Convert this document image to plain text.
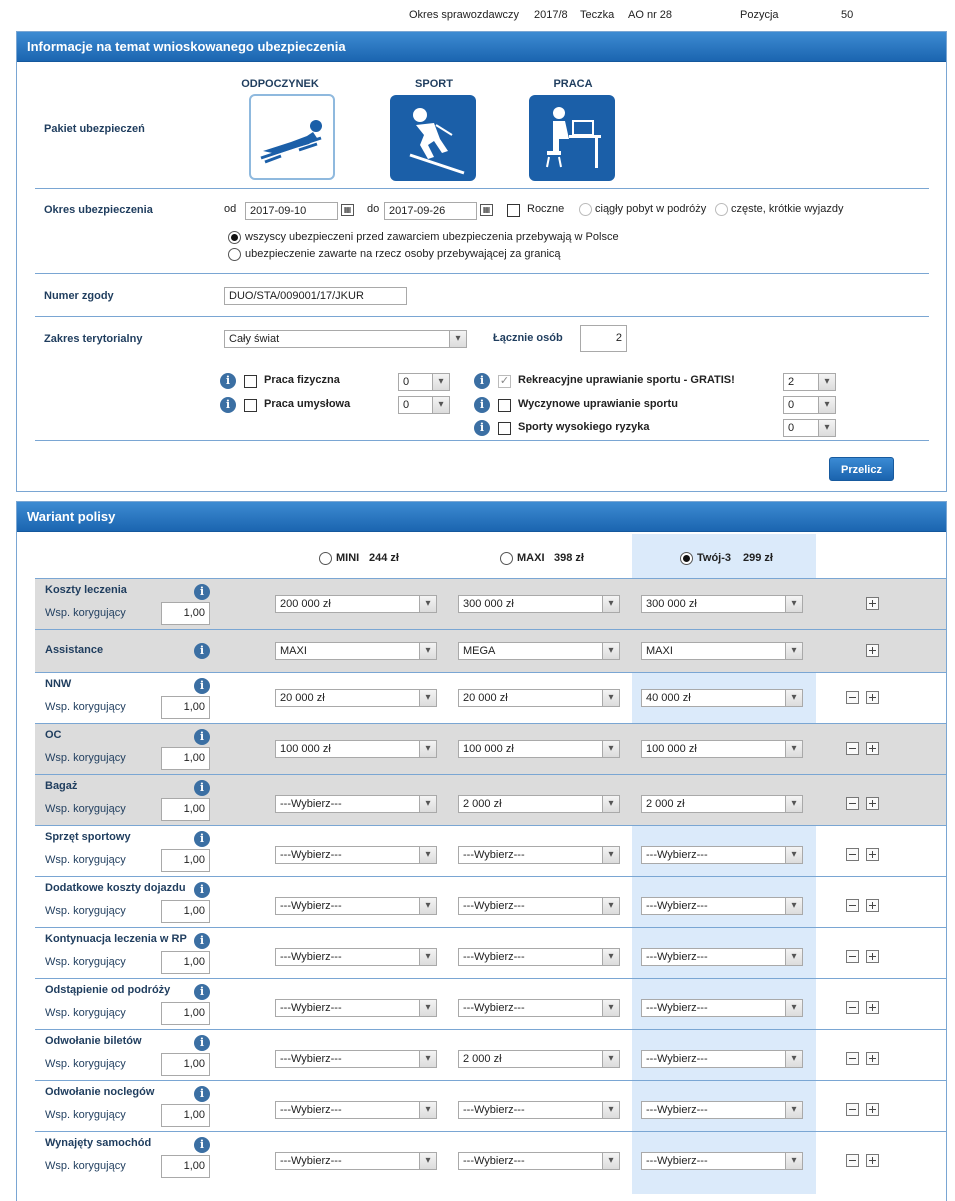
Okres sprawozdawczy 2017/8 Teczka AO nr 28	Pozycja	50
Informacje na temat wnioskowanego ubezpieczenia
Pakiet ubezpieczeń
ODPOCZYNEK	SPORT	PRACA
Okres ubezpieczenia	od	2017-09-10	▦ do 2017-09-26	▦	Roczne	ciągły pobyt w podróży częste, krótkie wyjazdy
wszyscy ubezpieczeni przed zawarciem ubezpieczenia przebywają w Polsce
ubezpieczenie zawarte na rzecz osoby przebywającej za granicą
Numer zgody	DUO/STA/009001/17/JKUR
Zakres terytorialny	Cały świat	▾	Łącznie osób	2
i	Praca fizyczna	0	▾
i	Praca umysłowa	0	▾
i	✓ Rekreacyjne uprawianie sportu - GRATIS!	2	▾
i	Wyczynowe uprawianie sportu	0	▾
i	Sporty wysokiego ryzyka	0	▾
Przelicz
Wariant polisy
MINI 244 zł	MAXI 398 zł	Twój-3 299 zł
Koszty leczenia	i
Wsp. korygujący	1,00
200 000 zł	▾	300 000 zł	▾	300 000 zł	▾
Assistance	i	MAXI	▾	MEGA	▾	MAXI	▾
NNW	i
Wsp. korygujący	1,00
20 000 zł	▾	20 000 zł	▾	40 000 zł	▾
OC	i
Wsp. korygujący	1,00
100 000 zł	▾	100 000 zł	▾	100 000 zł	▾
Bagaż	i
Wsp. korygujący	1,00	---Wybierz---	▾	2 000 zł	▾	2 000 zł	▾
Sprzęt sportowy	i
Wsp. korygujący	1,00	---Wybierz---	▾	---Wybierz---	▾	---Wybierz---	▾
Dodatkowe koszty dojazdu	i
Wsp. korygujący	1,00	---Wybierz---	▾	---Wybierz---	▾	---Wybierz---	▾
Kontynuacja leczenia w RP	i
Wsp. korygujący	1,00	---Wybierz---	▾	---Wybierz---	▾	---Wybierz---	▾
Odstąpienie od podróży	i
Wsp. korygujący	1,00	---Wybierz---	▾	---Wybierz---	▾	---Wybierz---	▾
Odwołanie biletów	i
Wsp. korygujący	1,00	---Wybierz---	▾	2 000 zł	▾	---Wybierz---	▾
Odwołanie noclegów	i
Wsp. korygujący	1,00	---Wybierz---	▾	---Wybierz---	▾	---Wybierz---	▾
Wynajęty samochód	i
Wsp. korygujący	1,00	---Wybierz---	▾	---Wybierz---	▾	---Wybierz---	▾
